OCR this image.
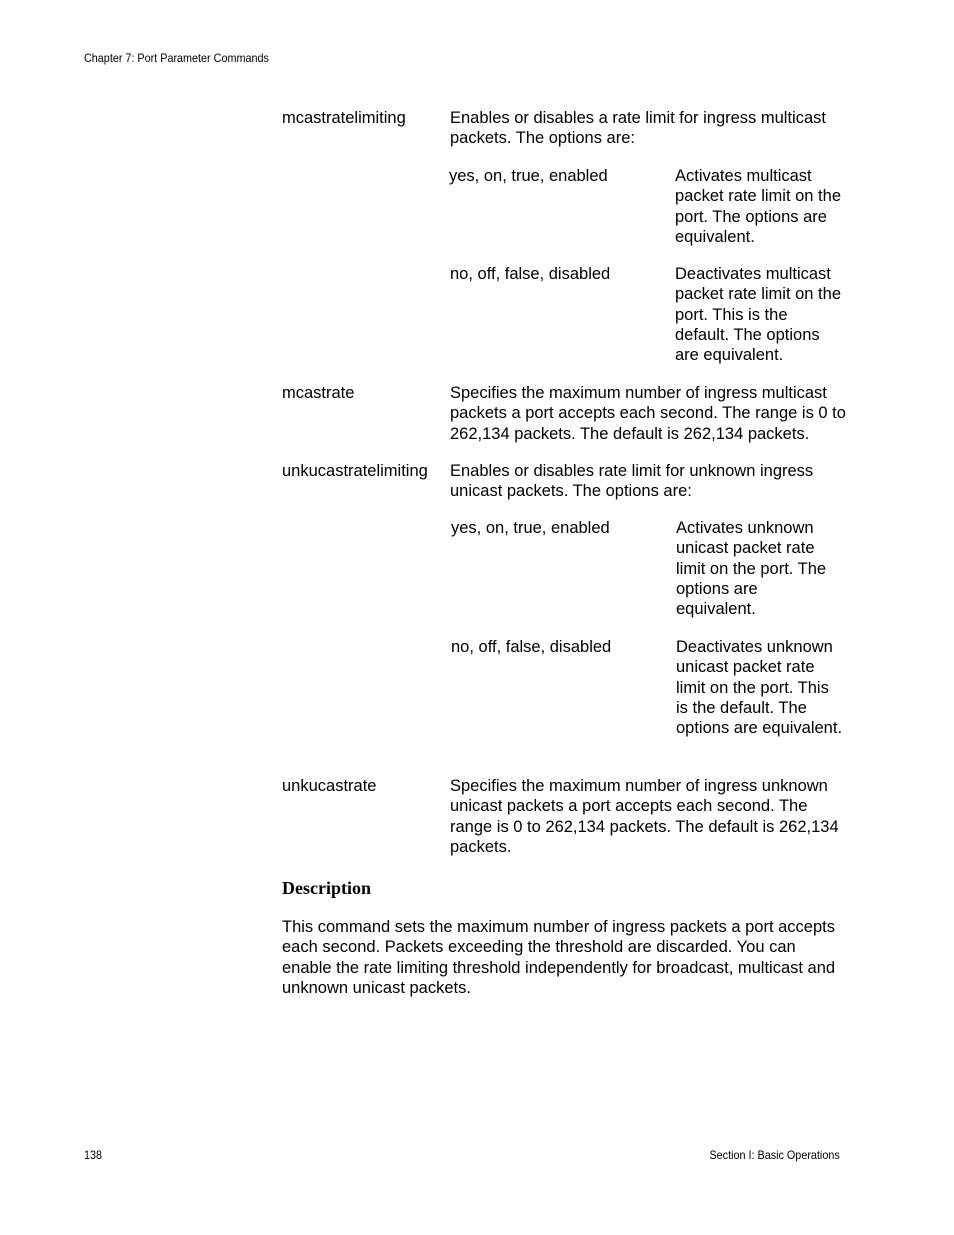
Chapter 7: Port Parameter Commands
mcastratelimiting	Enables or disables a rate limit for ingress multicast packets. The options are:
yes, on, true, enabled	Activates multicast packet rate limit on the port. The options are equivalent.
no, off, false, disabled	Deactivates multicast packet rate limit on the port. This is the default. The options are equivalent.
mcastrate	Specifies the maximum number of ingress multicast packets a port accepts each second. The range is 0 to 262,134 packets. The default is 262,134 packets.
unkucastratelimiting Enables or disables rate limit for unknown ingress unicast packets. The options are:
yes, on, true, enabled	Activates unknown unicast packet rate limit on the port. The options are equivalent.
no, off, false, disabled	Deactivates unknown unicast packet rate limit on the port. This is the default. The options are equivalent.
unkucastrate	Specifies the maximum number of ingress unknown unicast packets a port accepts each second. The range is 0 to 262,134 packets. The default is 262,134 packets.
Description
This command sets the maximum number of ingress packets a port accepts each second. Packets exceeding the threshold are discarded. You can enable the rate limiting threshold independently for broadcast, multicast and unknown unicast packets.
138	Section I: Basic Operations
